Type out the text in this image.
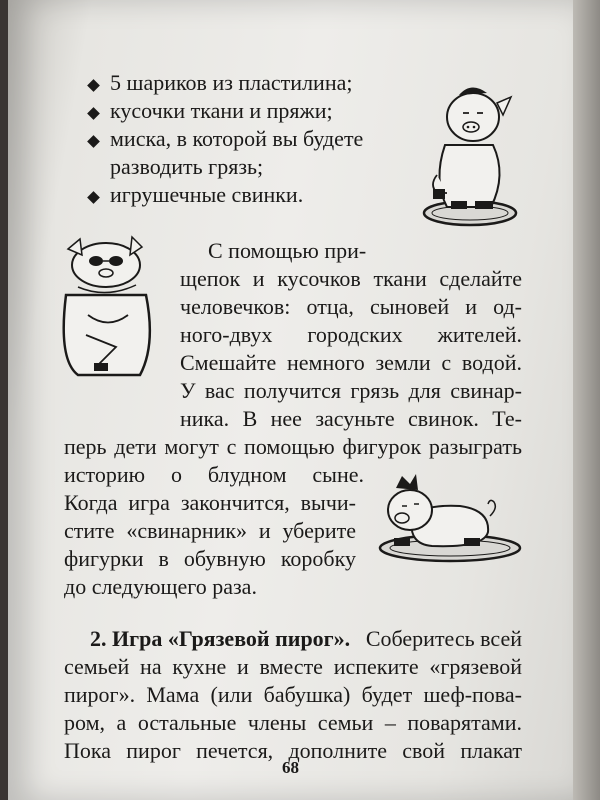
5 шариков из пластилина;
кусочки ткани и пряжи;
миска, в которой вы будете
разводить грязь;
игрушечные свинки.
С помощью при-
щепок и кусочков ткани сделайте
человечков: отца, сыновей и од-
ного-двух городских жителей.
Смешайте немного земли с водой.
У вас получится грязь для свинар-
ника. В нее засуньте свинок. Те-
перь дети могут с помощью фигурок разыграть
историю о блудном сыне.
Когда игра закончится, вычи-
стите «свинарник» и уберите
фигурки в обувную коробку
до следующего раза.
2. Игра «Грязевой пирог». Соберитесь всей
семьей на кухне и вместе испеките «грязевой
пирог». Мама (или бабушка) будет шеф-пова-
ром, а остальные члены семьи – поварятами.
Пока пирог печется, дополните свой плакат
68
